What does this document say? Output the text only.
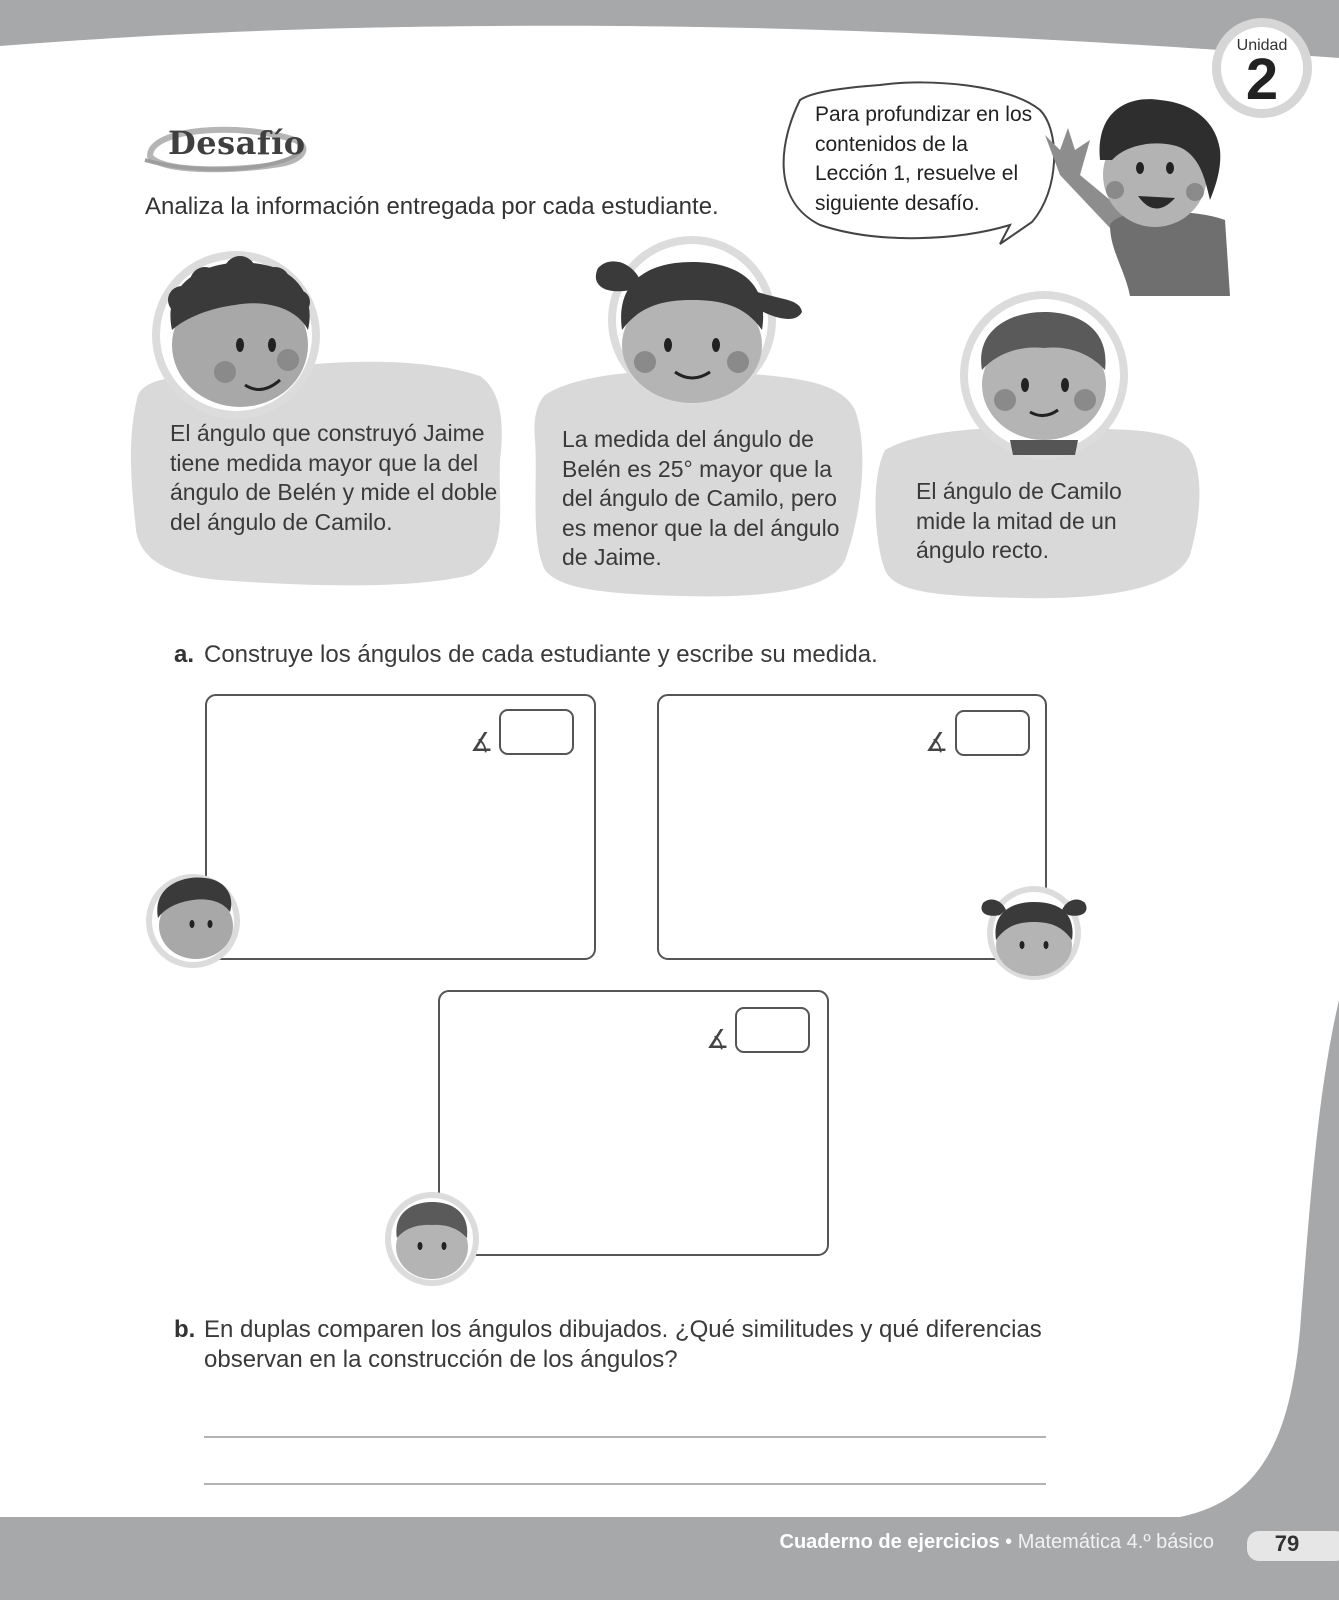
∡	∡
∡
Unidad
2
Desafío
Analiza la información entregada por cada estudiante.
Para profundizar en los contenidos de la Lección 1, resuelve el siguiente desafío.
El ángulo que construyó Jaime tiene medida mayor que la del ángulo de Belén y mide el doble del ángulo de Camilo.
La medida del ángulo de Belén es 25° mayor que la del ángulo de Camilo, pero es menor que la del ángulo de Jaime.
El ángulo de Camilo mide la mitad de un ángulo recto.
a. Construye los ángulos de cada estudiante y escribe su medida.
b. En duplas comparen los ángulos dibujados. ¿Qué similitudes y qué diferencias observan en la construcción de los ángulos?
Cuaderno de ejercicios • Matemática 4.º básico	79
